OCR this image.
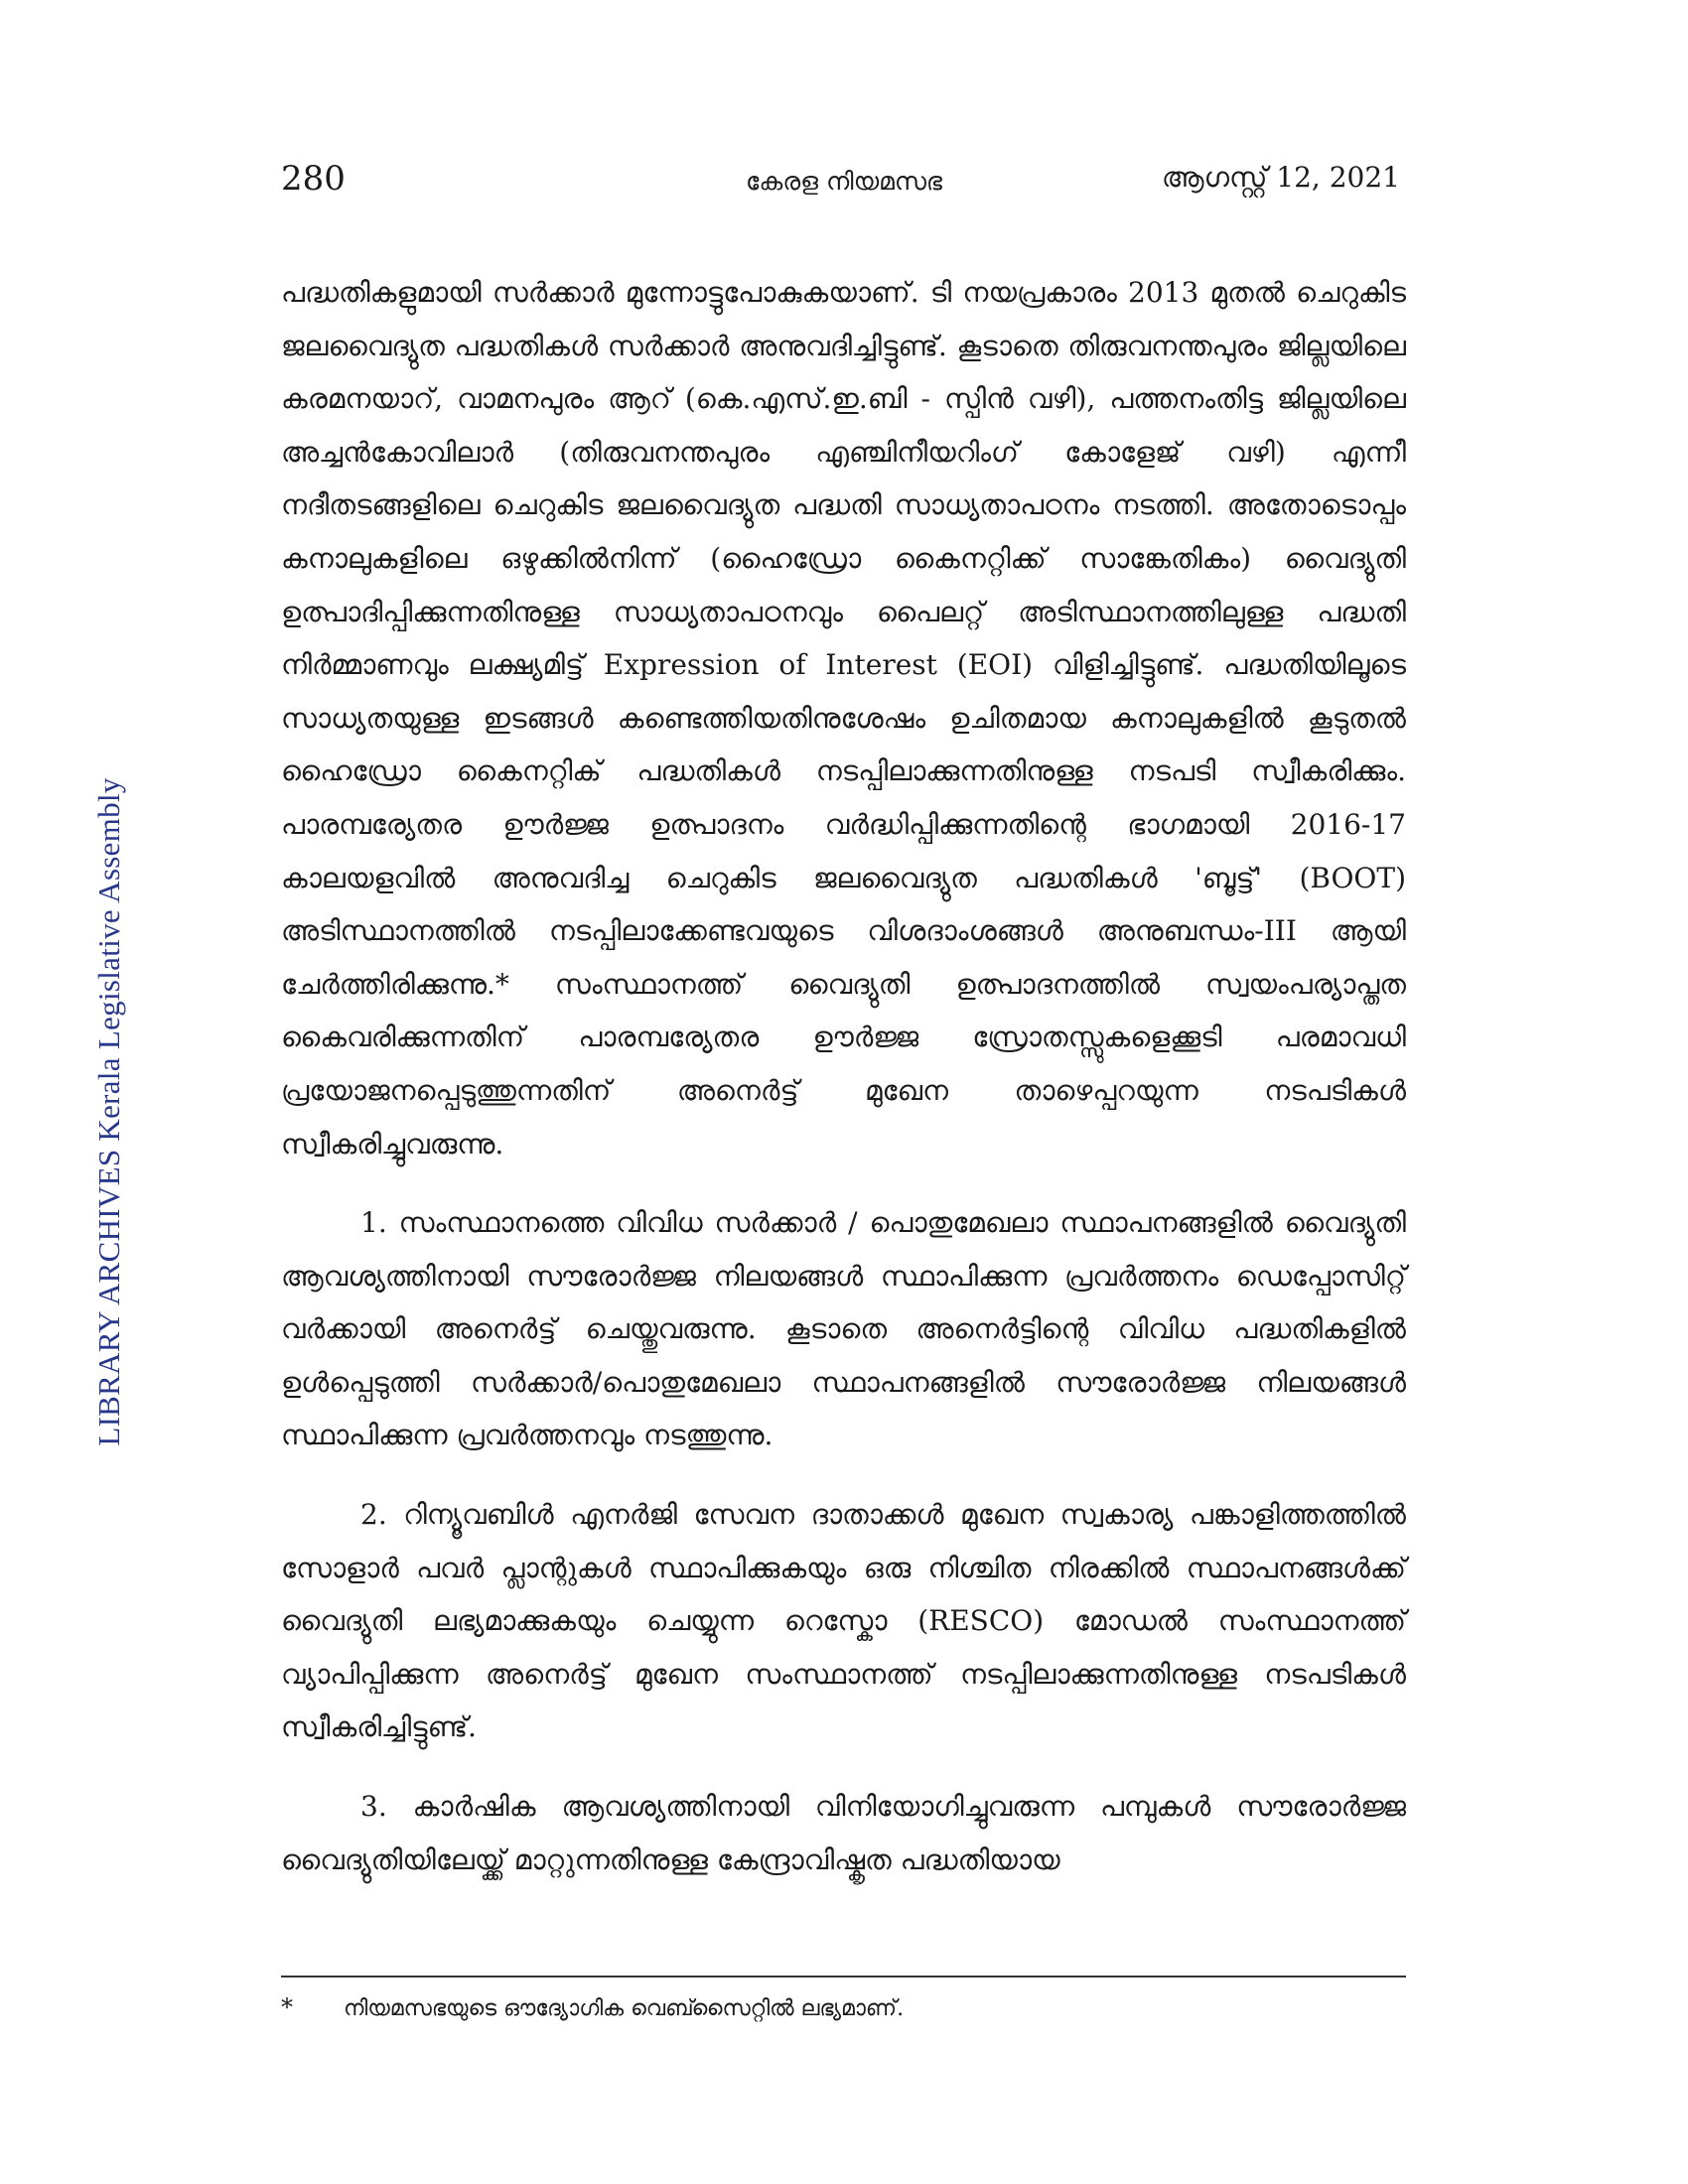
280	കേരള നിയമസഭ	ആഗസ്റ്റ് 12, 2021
LIBRARY ARCHIVES Kerala Legislative Assembly

പദ്ധതികളുമായി സർക്കാർ മുന്നോട്ടുപോകുകയാണ്. ടി നയപ്രകാരം 2013 മുതൽ ചെറുകിട ജലവൈദ്യുത പദ്ധതികൾ സർക്കാർ അനുവദിച്ചിട്ടുണ്ട്. കൂടാതെ തിരുവനന്തപുരം ജില്ലയിലെ കരമനയാറ്, വാമനപുരം ആറ് (കെ.എസ്.ഇ.ബി - സ്പിൻ വഴി), പത്തനംതിട്ട ജില്ലയിലെ അച്ചൻകോവിലാർ (തിരുവനന്തപുരം എഞ്ചിനീയറിംഗ് കോളേജ് വഴി) എന്നീ നദീതടങ്ങളിലെ ചെറുകിട ജലവൈദ്യുത പദ്ധതി സാധ്യതാപഠനം നടത്തി. അതോടൊപ്പം കനാലുകളിലെ ഒഴുക്കിൽനിന്ന് (ഹൈഡ്രോ കൈനറ്റിക്ക് സാങ്കേതികം) വൈദ്യുതി ഉത്പാദിപ്പിക്കുന്നതിനുള്ള സാധ്യതാപഠനവും പൈലറ്റ് അടിസ്ഥാനത്തിലുള്ള പദ്ധതി നിർമ്മാണവും ലക്ഷ്യമിട്ട് Expression of Interest (EOI) വിളിച്ചിട്ടുണ്ട്. പദ്ധതിയിലൂടെ സാധ്യതയുള്ള ഇടങ്ങൾ കണ്ടെത്തിയതിനുശേഷം ഉചിതമായ കനാലുകളിൽ കൂടുതൽ ഹൈഡ്രോ കൈനറ്റിക് പദ്ധതികൾ നടപ്പിലാക്കുന്നതിനുള്ള നടപടി സ്വീകരിക്കും. പാരമ്പര്യേതര ഊർജ്ജ ഉത്പാദനം വർദ്ധിപ്പിക്കുന്നതിന്റെ ഭാഗമായി 2016-17 കാലയളവിൽ അനുവദിച്ച ചെറുകിട ജലവൈദ്യുത പദ്ധതികൾ 'ബൂട്ട്' (BOOT) അടിസ്ഥാനത്തിൽ നടപ്പിലാക്കേണ്ടവയുടെ വിശദാംശങ്ങൾ അനുബന്ധം-III ആയി ചേർത്തിരിക്കുന്നു.* സംസ്ഥാനത്ത് വൈദ്യുതി ഉത്പാദനത്തിൽ സ്വയംപര്യാപ്തത കൈവരിക്കുന്നതിന് പാരമ്പര്യേതര ഊർജ്ജ സ്രോതസ്സുകളെക്കൂടി പരമാവധി പ്രയോജനപ്പെടുത്തുന്നതിന് അനെർട്ട് മുഖേന താഴെപ്പറയുന്ന നടപടികൾ സ്വീകരിച്ചുവരുന്നു.

1. സംസ്ഥാനത്തെ വിവിധ സർക്കാർ / പൊതുമേഖലാ സ്ഥാപനങ്ങളിൽ വൈദ്യുതി ആവശ്യത്തിനായി സൗരോർജ്ജ നിലയങ്ങൾ സ്ഥാപിക്കുന്ന പ്രവർത്തനം ഡെപ്പോസിറ്റ് വർക്കായി അനെർട്ട് ചെയ്തുവരുന്നു. കൂടാതെ അനെർട്ടിന്റെ വിവിധ പദ്ധതികളിൽ ഉൾപ്പെടുത്തി സർക്കാർ/പൊതുമേഖലാ സ്ഥാപനങ്ങളിൽ സൗരോർജ്ജ നിലയങ്ങൾ സ്ഥാപിക്കുന്ന പ്രവർത്തനവും നടത്തുന്നു.

2. റിന്യൂവബിൾ എനർജി സേവന ദാതാക്കൾ മുഖേന സ്വകാര്യ പങ്കാളിത്തത്തിൽ സോളാർ പവർ പ്ലാന്റുകൾ സ്ഥാപിക്കുകയും ഒരു നിശ്ചിത നിരക്കിൽ സ്ഥാപനങ്ങൾക്ക് വൈദ്യുതി ലഭ്യമാക്കുകയും ചെയ്യുന്ന റെസ്കോ (RESCO) മോഡൽ സംസ്ഥാനത്ത് വ്യാപിപ്പിക്കുന്ന അനെർട്ട് മുഖേന സംസ്ഥാനത്ത് നടപ്പിലാക്കുന്നതിനുള്ള നടപടികൾ സ്വീകരിച്ചിട്ടുണ്ട്.

3. കാർഷിക ആവശ്യത്തിനായി വിനിയോഗിച്ചുവരുന്ന പമ്പുകൾ സൗരോർജ്ജ വൈദ്യുതിയിലേയ്ക്ക് മാറ്റുന്നതിനുള്ള കേന്ദ്രാവിഷ്കൃത പദ്ധതിയായ

* നിയമസഭയുടെ ഔദ്യോഗിക വെബ്സൈറ്റിൽ ലഭ്യമാണ്.
